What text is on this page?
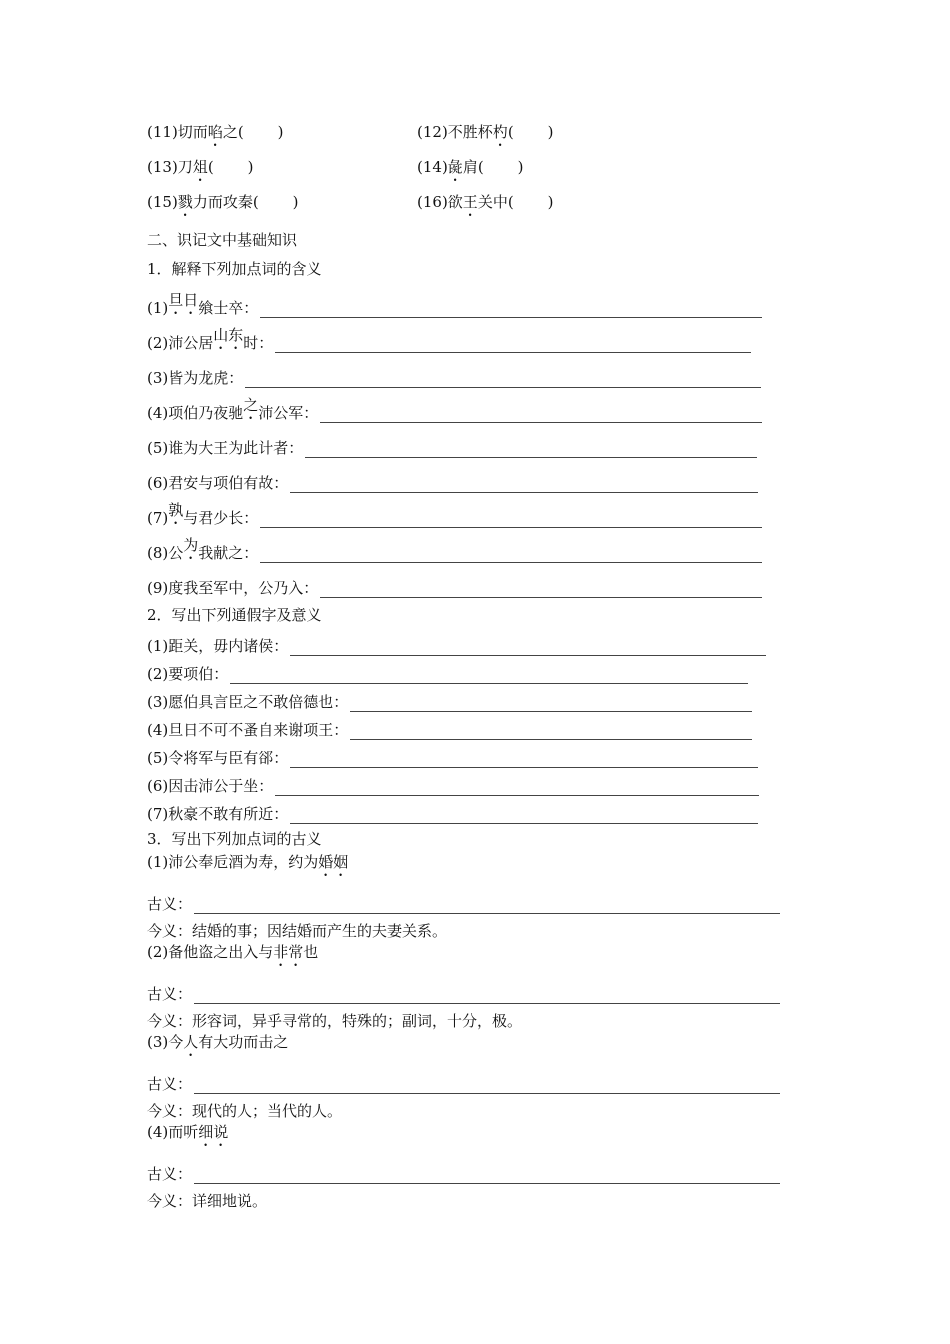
(11)切而啗之( )	(12)不胜杯杓( )
(13)刀俎( )	(14)彘肩( )
(15)戮力而攻秦( )	(16)欲王关中( )
二、识记文中基础知识
1．解释下列加点词的含义
(1) 旦日 飨士卒：
(2)沛公居 山东 时：
(3)皆为龙虎：
(4)项伯乃夜驰 之 沛公军：
(5)谁为大王为此计者：
(6)君安与项伯有故：
(7) 孰 与君少长：
(8)公 为 我献之：
(9)度我至军中，公乃入：
2．写出下列通假字及意义
(1)距关，毋内诸侯：
(2)要项伯：
(3)愿伯具言臣之不敢倍德也：
(4)旦日不可不蚤自来谢项王：
(5)令将军与臣有郤：
(6)因击沛公于坐：
(7)秋豪不敢有所近：
3．写出下列加点词的古义
(1)沛公奉卮酒为寿，约为婚姻
古义：
今义：结婚的事；因结婚而产生的夫妻关系。
(2)备他盗之出入与非常也
古义：
今义：形容词，异乎寻常的，特殊的；副词，十分，极。
(3)今人有大功而击之
古义：
今义：现代的人；当代的人。
(4)而听细说
古义：
今义：详细地说。
